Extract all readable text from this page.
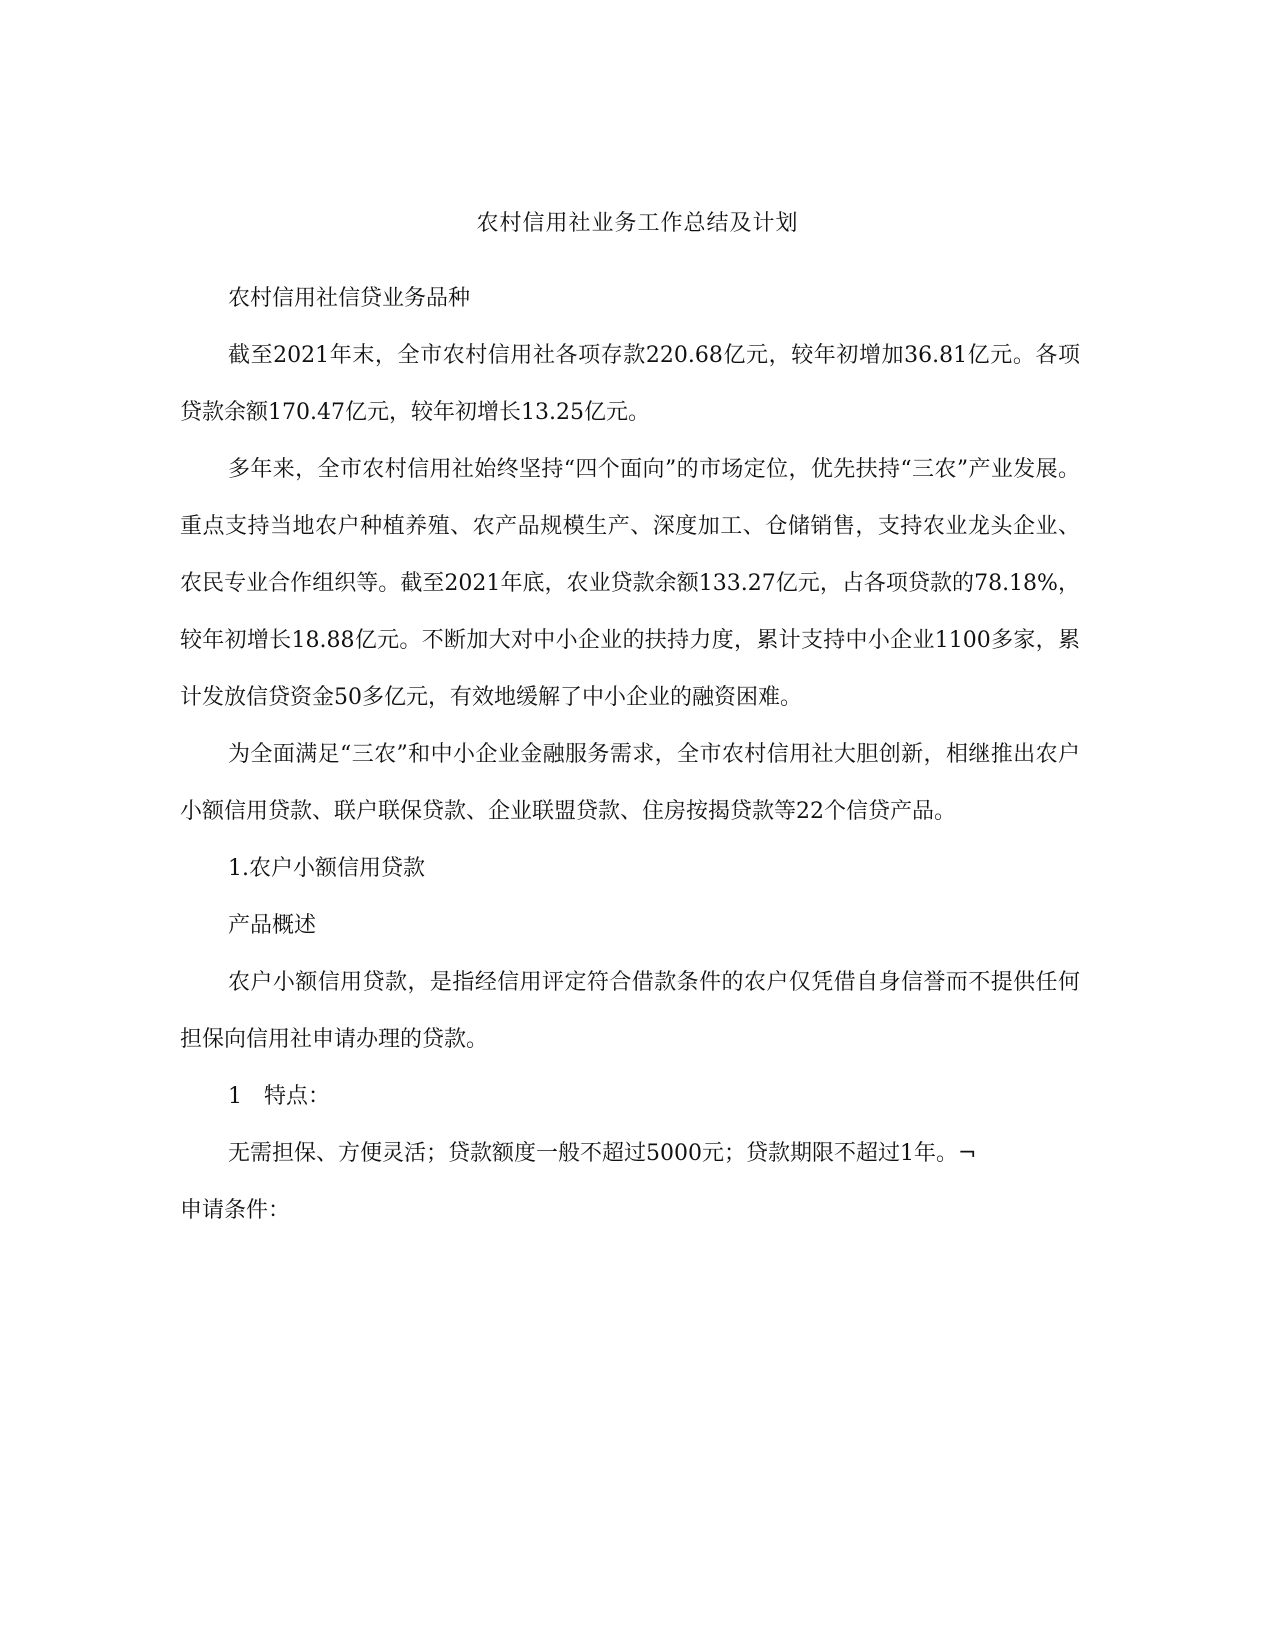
农村信用社业务工作总结及计划

农村信用社信贷业务品种

截至2021年末，全市农村信用社各项存款220.68亿元，较年初增加36.81亿元。各项贷款余额170.47亿元，较年初增长13.25亿元。

多年来，全市农村信用社始终坚持“四个面向”的市场定位，优先扶持“三农”产业发展。重点支持当地农户种植养殖、农产品规模生产、深度加工、仓储销售，支持农业龙头企业、农民专业合作组织等。截至2021年底，农业贷款余额133.27亿元，占各项贷款的78.18%，较年初增长18.88亿元。不断加大对中小企业的扶持力度，累计支持中小企业1100多家，累计发放信贷资金50多亿元，有效地缓解了中小企业的融资困难。

为全面满足“三农”和中小企业金融服务需求，全市农村信用社大胆创新，相继推出农户小额信用贷款、联户联保贷款、企业联盟贷款、住房按揭贷款等22个信贷产品。

1.农户小额信用贷款

产品概述

农户小额信用贷款，是指经信用评定符合借款条件的农户仅凭借自身信誉而不提供任何担保向信用社申请办理的贷款。

1　特点：

无需担保、方便灵活；贷款额度一般不超过5000元；贷款期限不超过1年。¬

申请条件：
